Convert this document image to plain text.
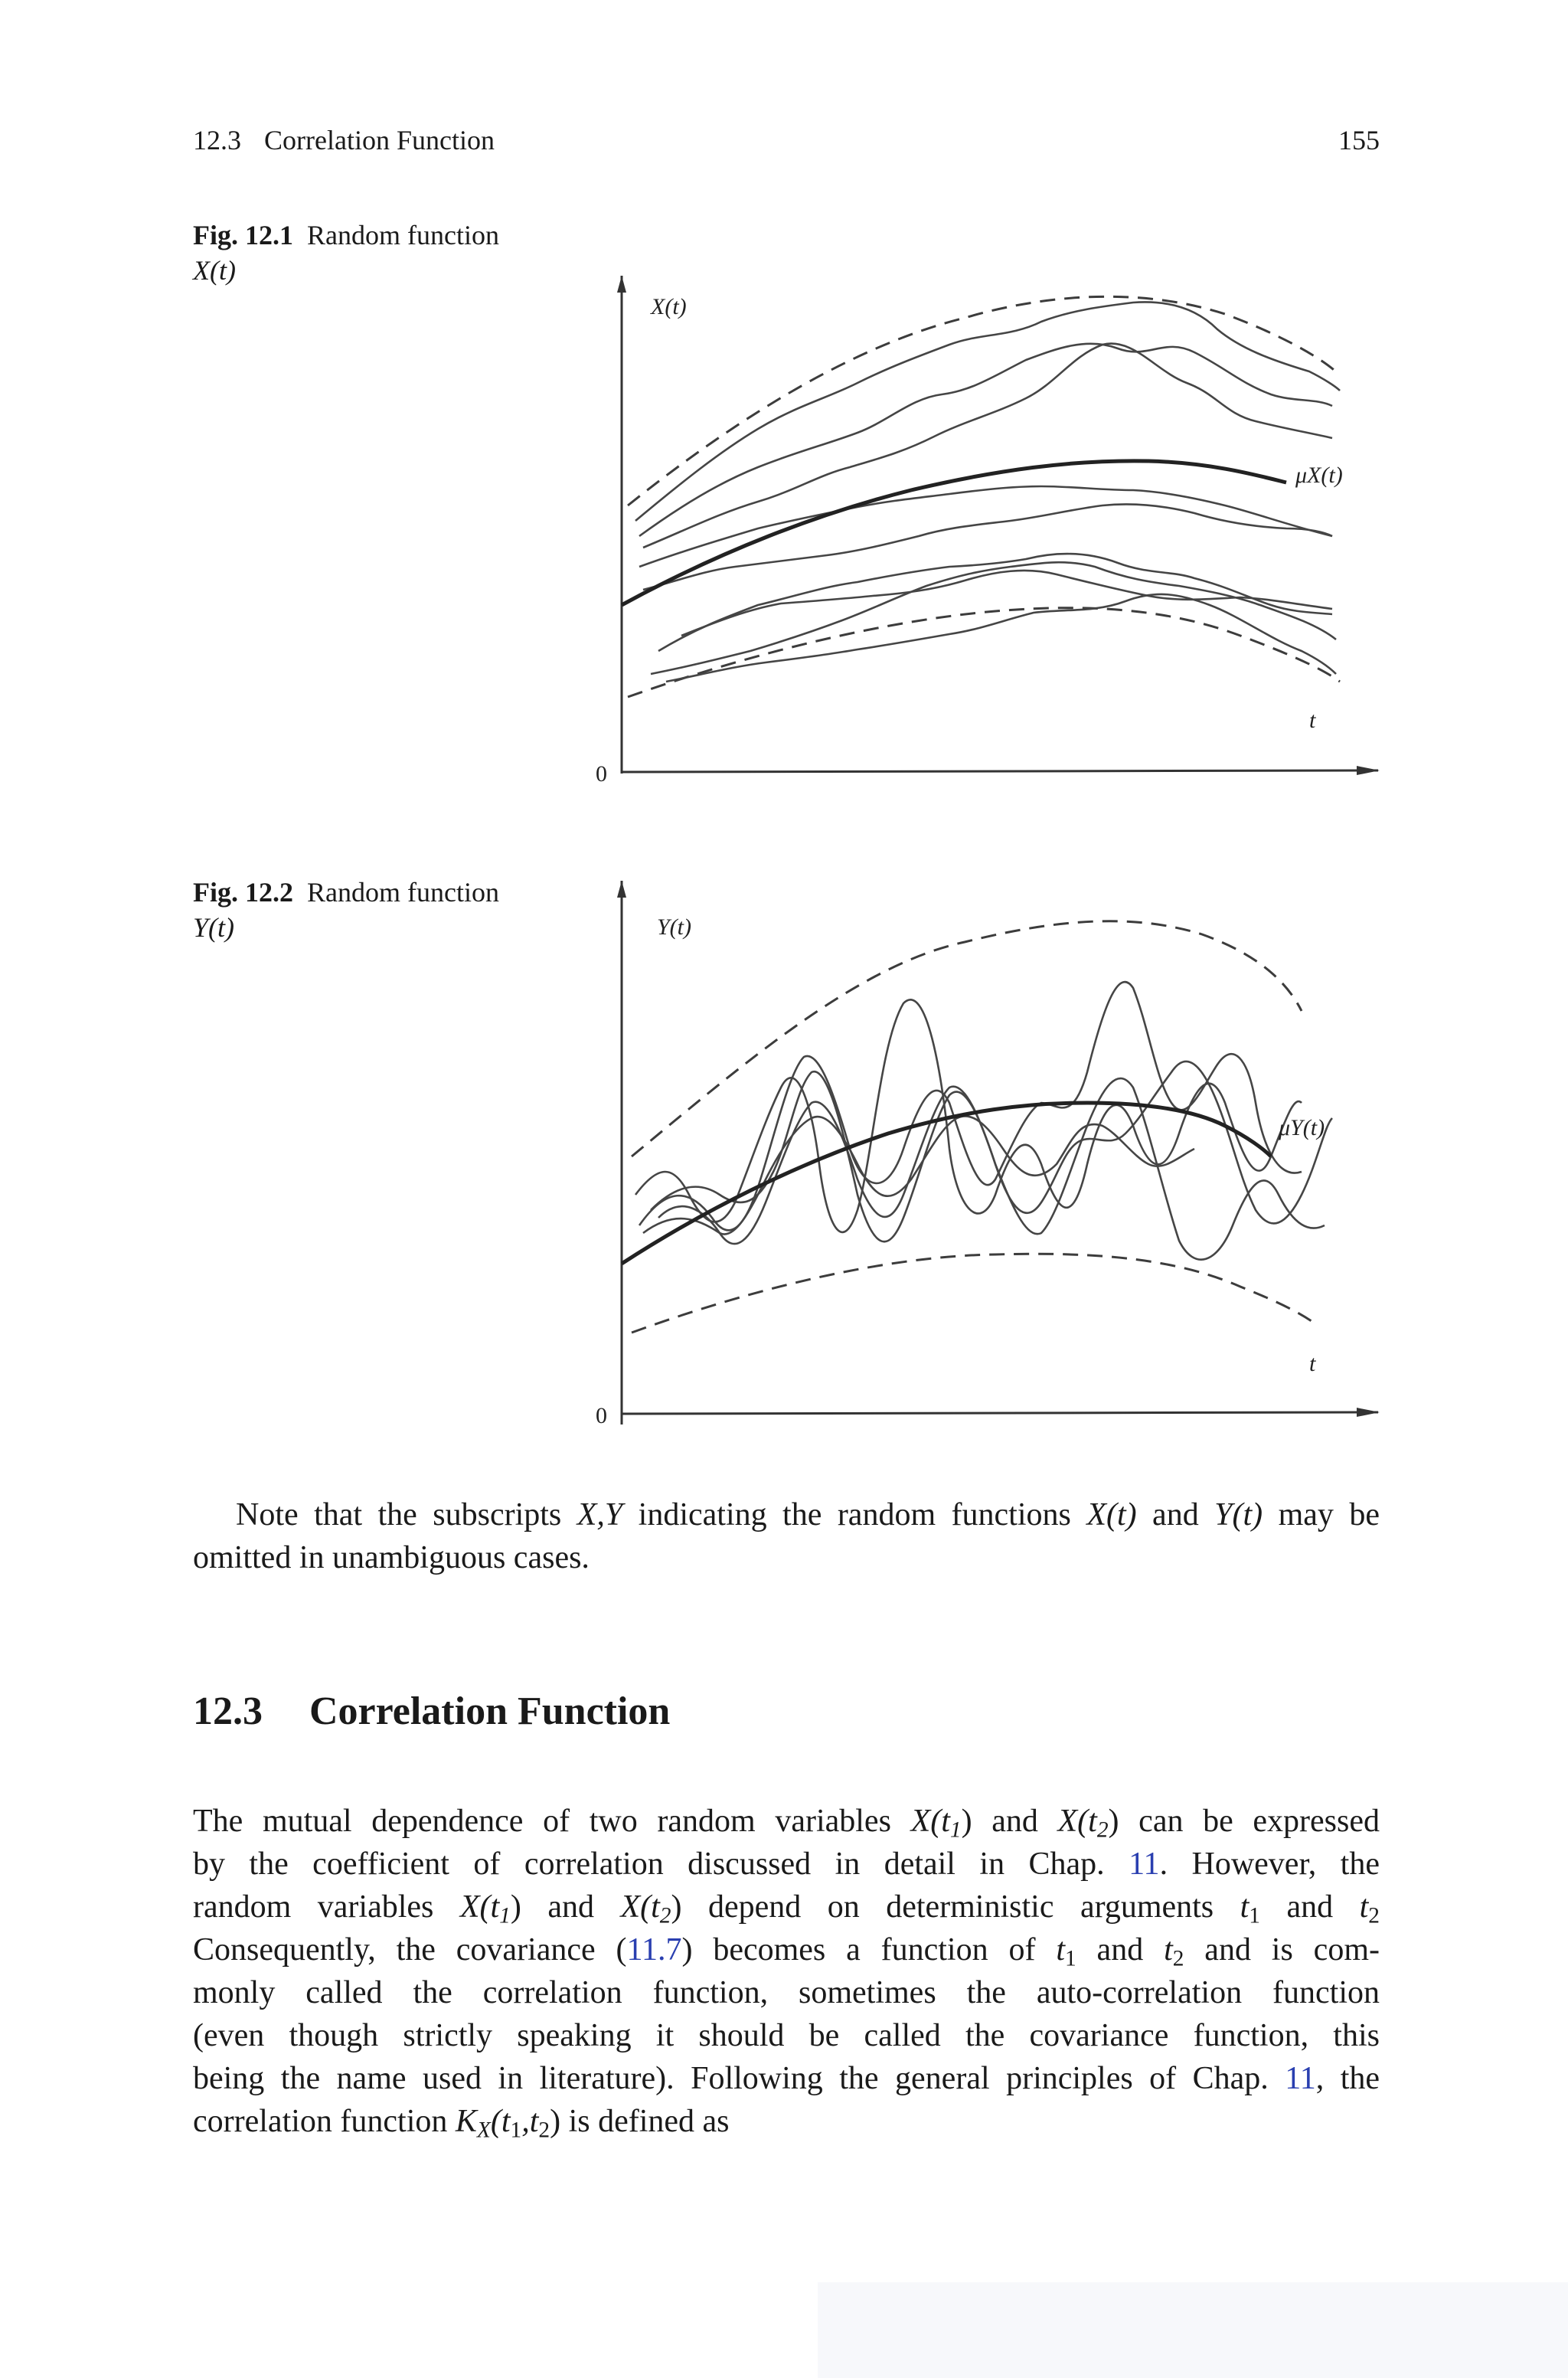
12.3 Correlation Function	155
Fig. 12.1 Random function
X(t)
X(t)
μX(t)
t
0
Fig. 12.2 Random function
Y(t)	Y(t)
μY(t)
t
0
Note that the subscripts X,Y indicating the random functions X(t) and Y(t) may be
omitted in unambiguous cases.
12.3 Correlation Function
The mutual dependence of two random variables $X(t_1)$ and $X(t_2)$ can be expressed
by the coefficient of correlation discussed in detail in Chap. 11. However, the
random variables $X(t_1)$ and $X(t_2)$ depend on deterministic arguments $t_1$ and $t_2$
Consequently, the covariance (11.7) becomes a function of $t_1$ and $t_2$ and is com-
monly called the correlation function, sometimes the auto-correlation function
(even though strictly speaking it should be called the covariance function, this
being the name used in literature). Following the general principles of Chap. 11, the
correlation function $K_X(t_1,t_2)$ is defined as
